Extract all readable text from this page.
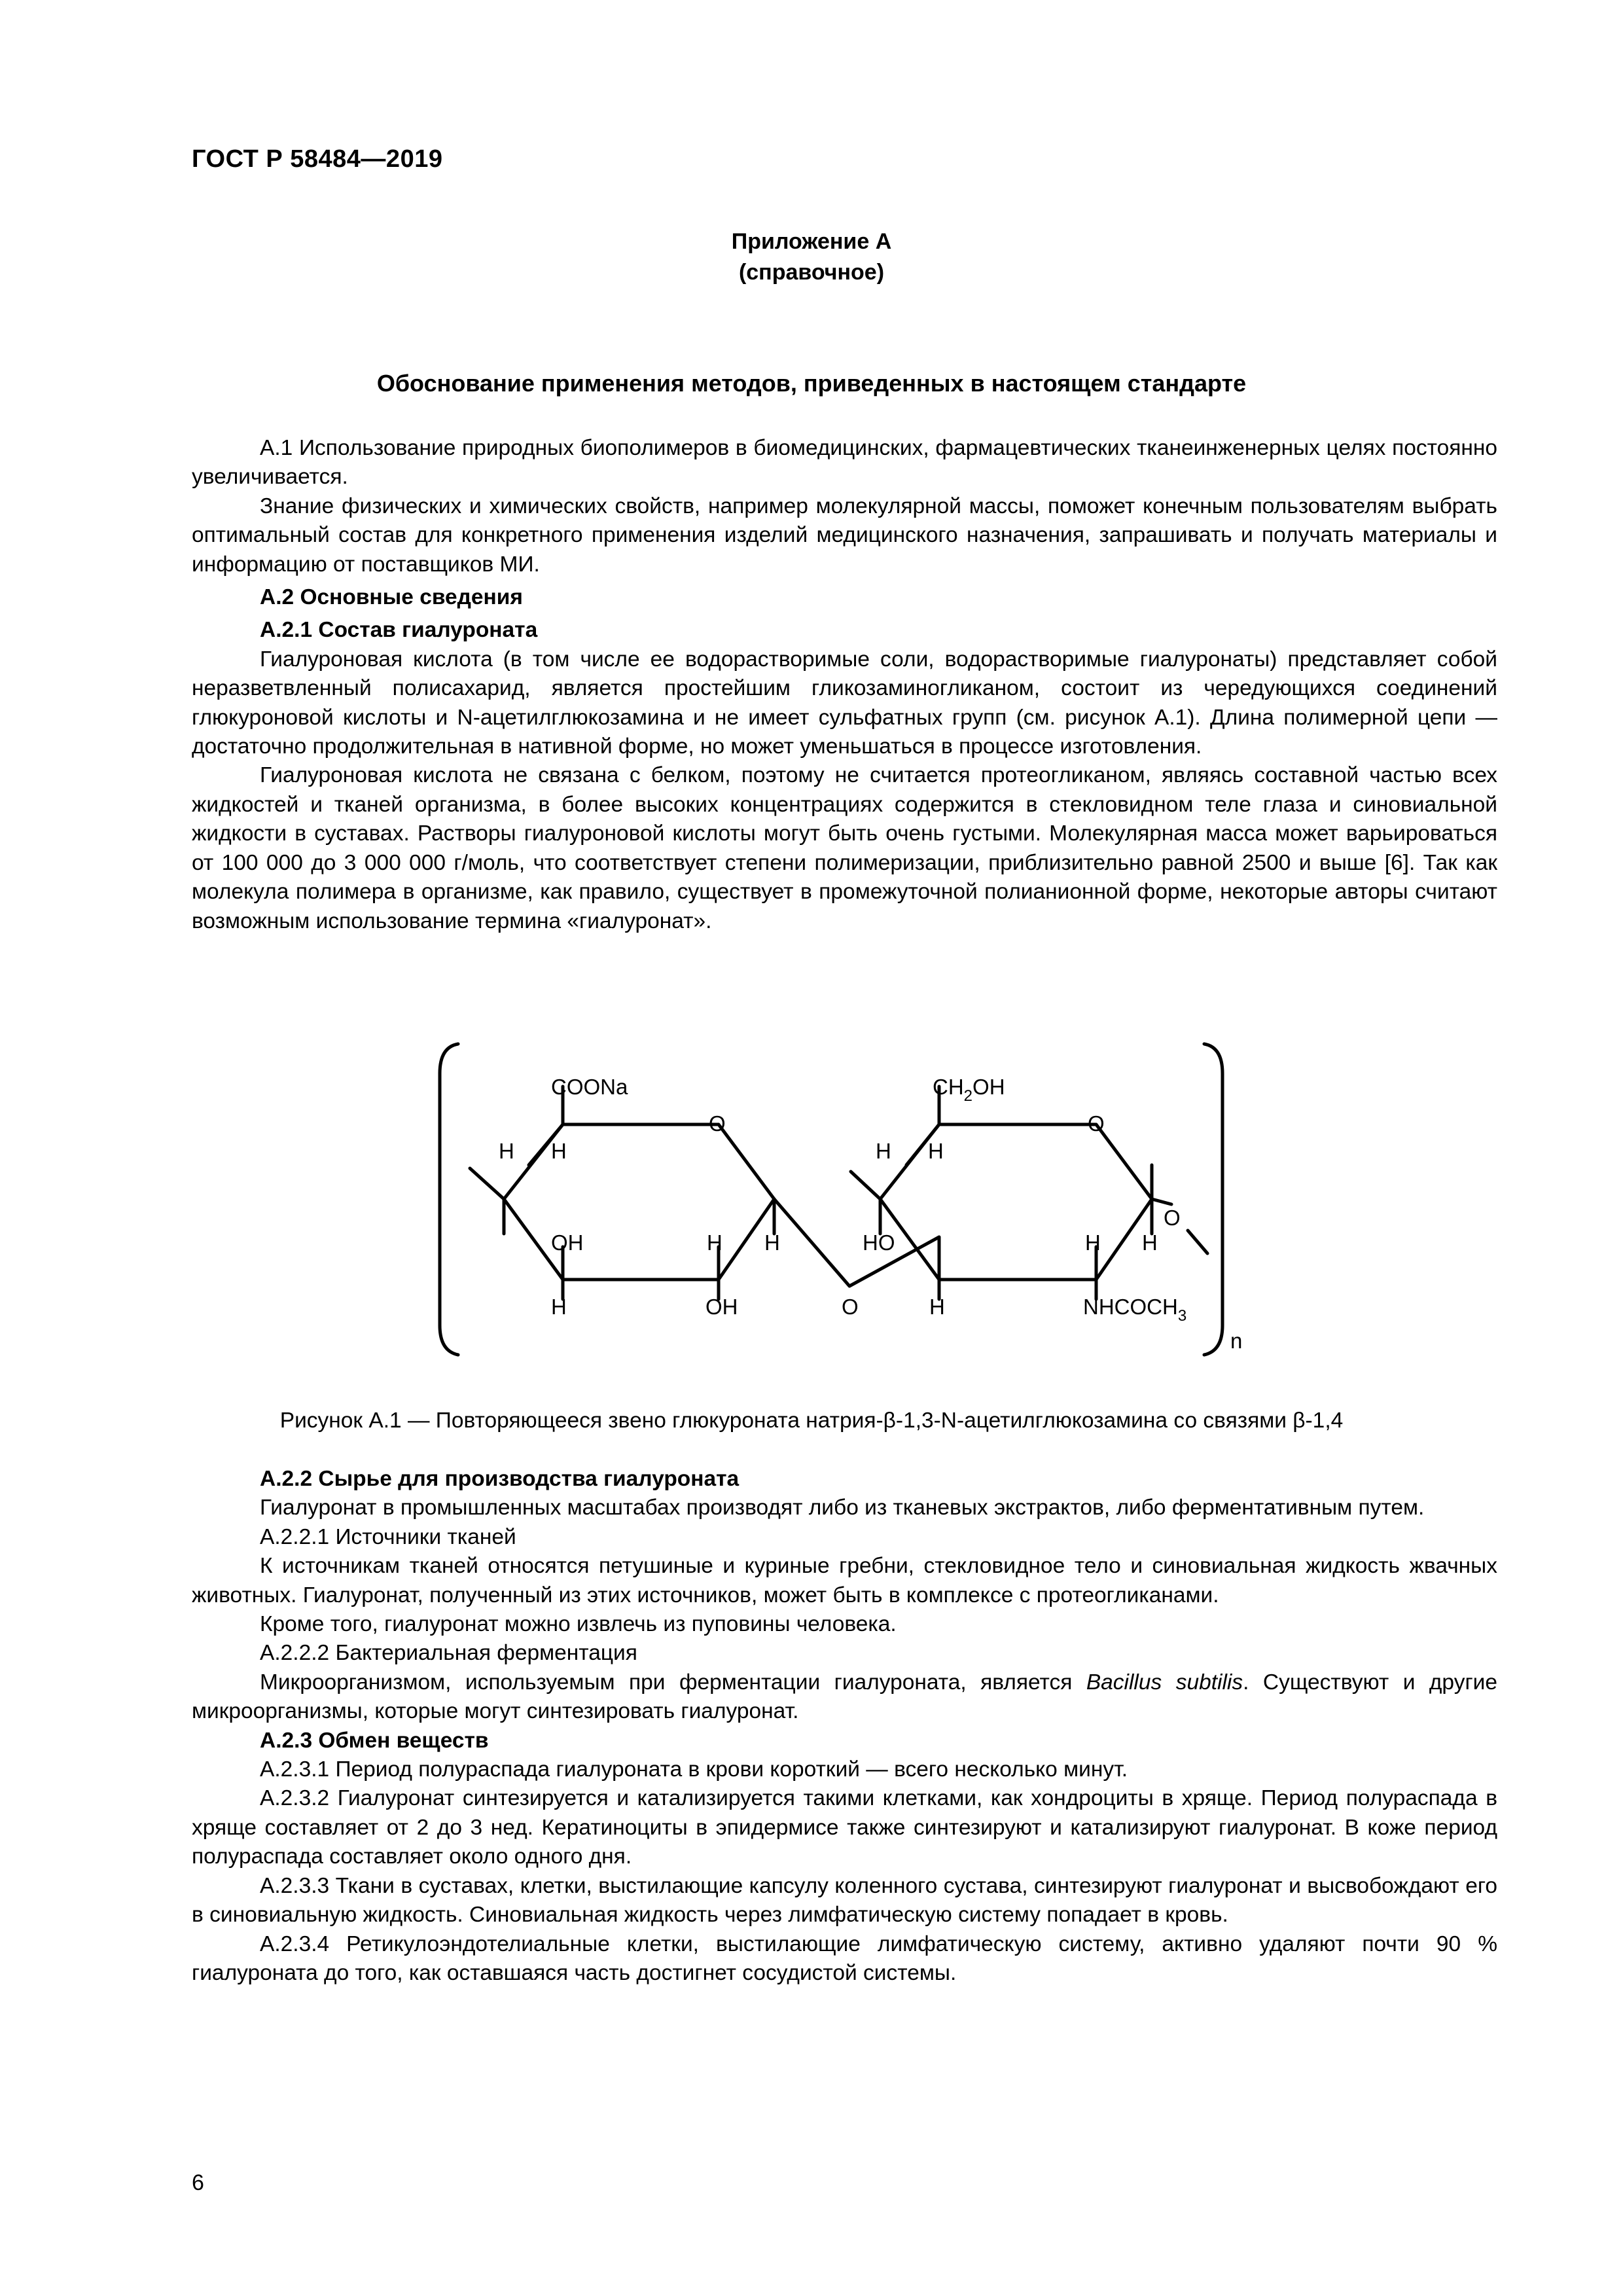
ГОСТ Р 58484—2019
Приложение А
(справочное)
Обоснование применения методов, приведенных в настоящем стандарте

А.1 Использование природных биополимеров в биомедицинских, фармацевтических тканеинженерных целях постоянно увеличивается.

Знание физических и химических свойств, например молекулярной массы, поможет конечным пользователям выбрать оптимальный состав для конкретного применения изделий медицинского назначения, запрашивать и получать материалы и информацию от поставщиков МИ.

А.2 Основные сведения

А.2.1 Состав гиалуроната

Гиалуроновая кислота (в том числе ее водорастворимые соли, водорастворимые гиалуронаты) представляет собой неразветвленный полисахарид, является простейшим гликозаминогликаном, состоит из чередующихся соединений глюкуроновой кислоты и N-ацетилглюкозамина и не имеет сульфатных групп (см. рисунок А.1). Длина полимерной цепи — достаточно продолжительная в нативной форме, но может уменьшаться в процессе изготовления.

Гиалуроновая кислота не связана с белком, поэтому не считается протеогликаном, являясь составной частью всех жидкостей и тканей организма, в более высоких концентрациях содержится в стекловидном теле глаза и синовиальной жидкости в суставах. Растворы гиалуроновой кислоты могут быть очень густыми. Молекулярная масса может варьироваться от 100 000 до 3 000 000 г/моль, что соответствует степени полимеризации, приблизительно равной 2500 и выше [6]. Так как молекула полимера в организме, как правило, существует в промежуточной полианионной форме, некоторые авторы считают возможным использование термина «гиалуронат».

COONa	$CH_2OH$
O	O
H H	H H
O
OH	H H	HO	H H
H	OH	O	H	$NHCOCH_3$
n
Рисунок А.1 — Повторяющееся звено глюкуроната натрия-β-1,3-N-ацетилглюкозамина со связями β-1,4

А.2.2 Сырье для производства гиалуроната

Гиалуронат в промышленных масштабах производят либо из тканевых экстрактов, либо ферментативным путем.

А.2.2.1 Источники тканей

К источникам тканей относятся петушиные и куриные гребни, стекловидное тело и синовиальная жидкость жвачных животных. Гиалуронат, полученный из этих источников, может быть в комплексе с протеогликанами.

Кроме того, гиалуронат можно извлечь из пуповины человека.

А.2.2.2 Бактериальная ферментация

Микроорганизмом, используемым при ферментации гиалуроната, является Bacillus subtilis. Существуют и другие микроорганизмы, которые могут синтезировать гиалуронат.

А.2.3 Обмен веществ

А.2.3.1 Период полураспада гиалуроната в крови короткий — всего несколько минут.

А.2.3.2 Гиалуронат синтезируется и катализируется такими клетками, как хондроциты в хряще. Период полураспада в хряще составляет от 2 до 3 нед. Кератиноциты в эпидермисе также синтезируют и катализируют гиалуронат. В коже период полураспада составляет около одного дня.

А.2.3.3 Ткани в суставах, клетки, выстилающие капсулу коленного сустава, синтезируют гиалуронат и высвобождают его в синовиальную жидкость. Синовиальная жидкость через лимфатическую систему попадает в кровь.

А.2.3.4 Ретикулоэндотелиальные клетки, выстилающие лимфатическую систему, активно удаляют почти 90 % гиалуроната до того, как оставшаяся часть достигнет сосудистой системы.

6
